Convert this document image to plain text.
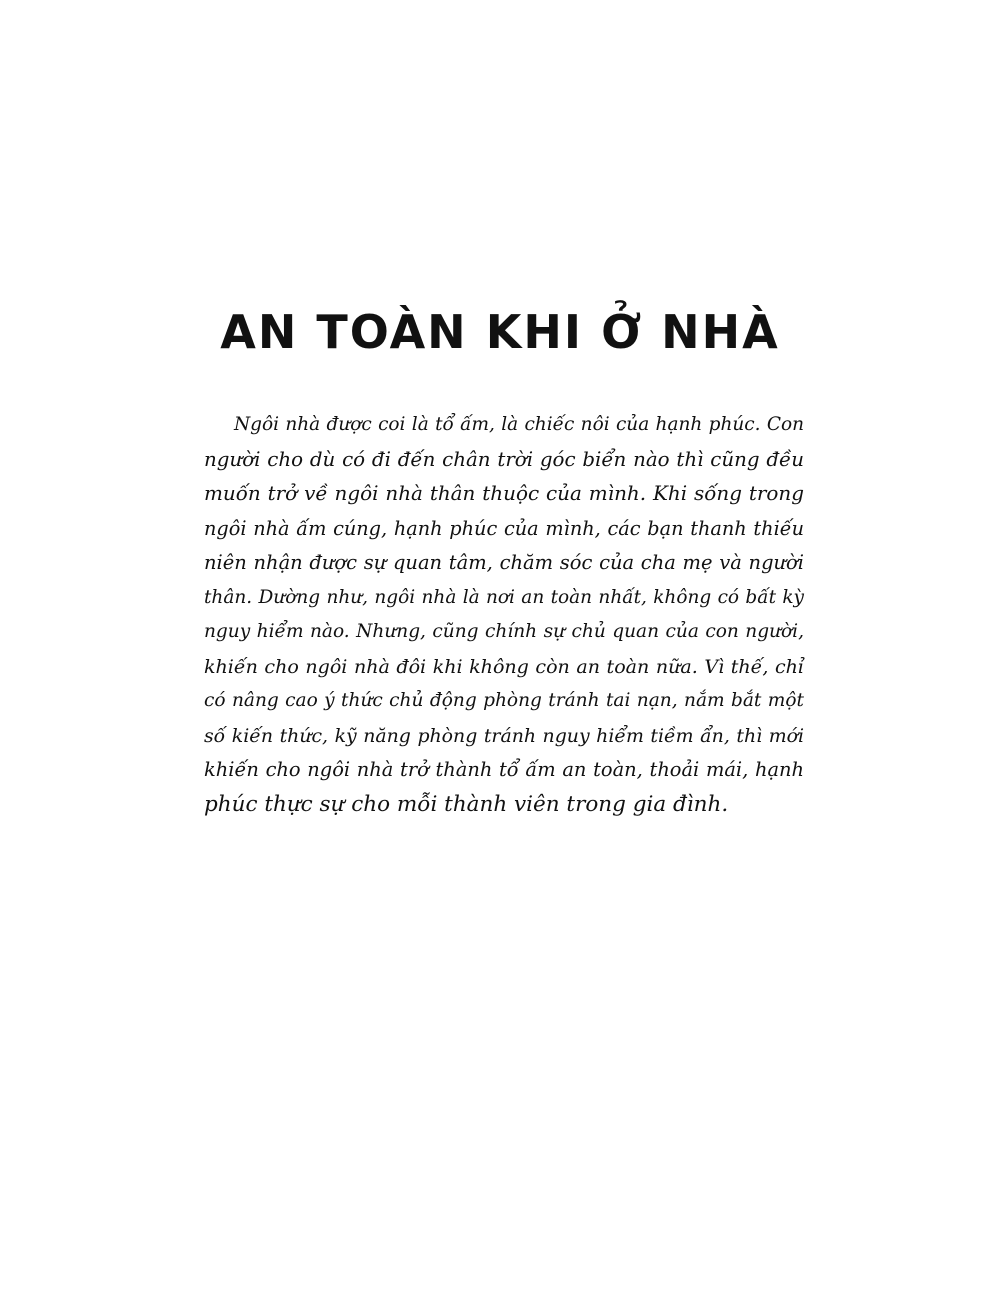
AN TOÀN KHI Ở NHÀ
Ngôi nhà được coi là tổ ấm, là chiếc nôi của hạnh phúc. Con
người cho dù có đi đến chân trời góc biển nào thì cũng đều
muốn trở về ngôi nhà thân thuộc của mình. Khi sống trong
ngôi nhà ấm cúng, hạnh phúc của mình, các bạn thanh thiếu
niên nhận được sự quan tâm, chăm sóc của cha mẹ và người
thân. Dường như, ngôi nhà là nơi an toàn nhất, không có bất kỳ
nguy hiểm nào. Nhưng, cũng chính sự chủ quan của con người,
khiến cho ngôi nhà đôi khi không còn an toàn nữa. Vì thế, chỉ
có nâng cao ý thức chủ động phòng tránh tai nạn, nắm bắt một
số kiến thức, kỹ năng phòng tránh nguy hiểm tiềm ẩn, thì mới
khiến cho ngôi nhà trở thành tổ ấm an toàn, thoải mái, hạnh
phúc thực sự cho mỗi thành viên trong gia đình.
